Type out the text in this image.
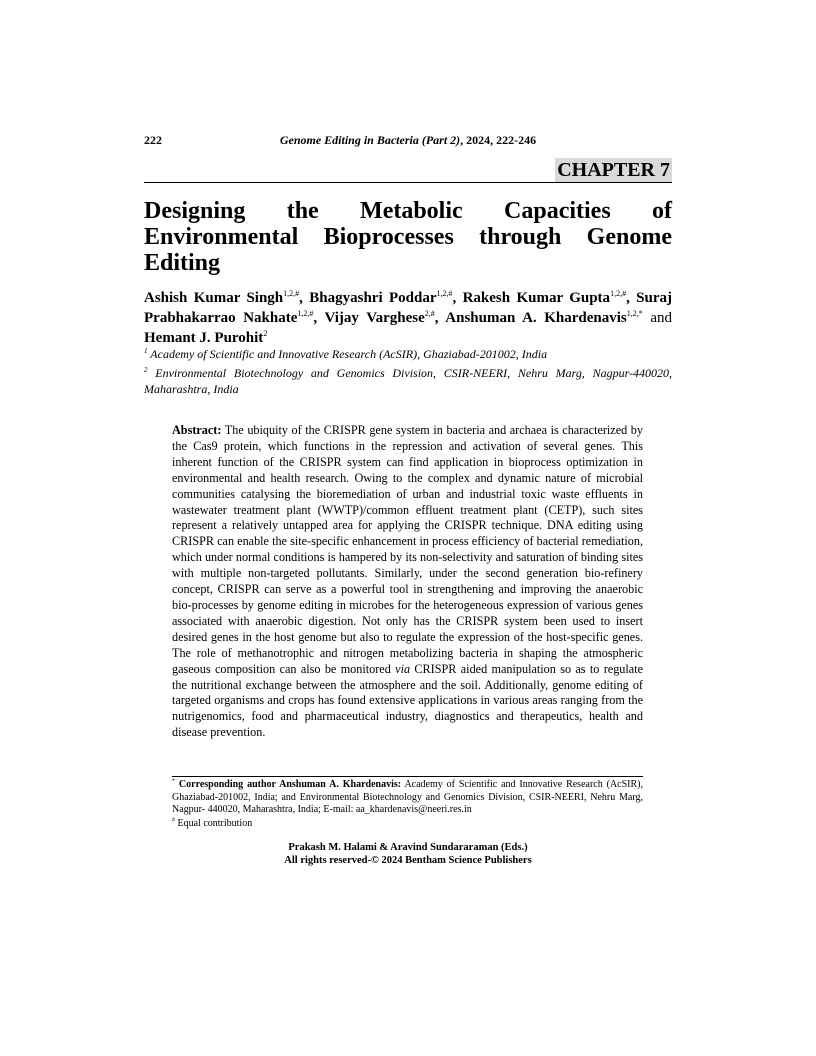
222	Genome Editing in Bacteria (Part 2), 2024, 222-246
CHAPTER 7
Designing the Metabolic Capacities of Environmental Bioprocesses through Genome Editing

Ashish Kumar Singh$^{1,2,\#}$, Bhagyashri Poddar$^{1,2,\#}$, Rakesh Kumar Gupta$^{1,2,\#}$, Suraj Prabhakarrao Nakhate$^{1,2,\#}$, Vijay Varghese$^{2,\#}$, Anshuman A. Khardenavis$^{1,2,*}$ and Hemant J. Purohit$^2$

$^1$ Academy of Scientific and Innovative Research (AcSIR), Ghaziabad-201002, India

$^2$ Environmental Biotechnology and Genomics Division, CSIR-NEERI, Nehru Marg, Nagpur-440020, Maharashtra, India

Abstract: The ubiquity of the CRISPR gene system in bacteria and archaea is characterized by the Cas9 protein, which functions in the repression and activation of several genes. This inherent function of the CRISPR system can find application in bioprocess optimization in environmental and health research. Owing to the complex and dynamic nature of microbial communities catalysing the bioremediation of urban and industrial toxic waste effluents in wastewater treatment plant (WWTP)/common effluent treatment plant (CETP), such sites represent a relatively untapped area for applying the CRISPR technique. DNA editing using CRISPR can enable the site-specific enhancement in process efficiency of bacterial remediation, which under normal conditions is hampered by its non-selectivity and saturation of binding sites with multiple non-targeted pollutants. Similarly, under the second generation bio-refinery concept, CRISPR can serve as a powerful tool in strengthening and improving the anaerobic bio-processes by genome editing in microbes for the heterogeneous expression of various genes associated with anaerobic digestion. Not only has the CRISPR system been used to insert desired genes in the host genome but also to regulate the expression of the host-specific genes. The role of methanotrophic and nitrogen metabolizing bacteria in shaping the atmospheric gaseous composition can also be monitored via CRISPR aided manipulation so as to regulate the nutritional exchange between the atmosphere and the soil. Additionally, genome editing of targeted organisms and crops has found extensive applications in various areas ranging from the nutrigenomics, food and pharmaceutical industry, diagnostics and therapeutics, health and disease prevention.

* Corresponding author Anshuman A. Khardenavis: Academy of Scientific and Innovative Research (AcSIR), Ghaziabad-201002, India; and Environmental Biotechnology and Genomics Division, CSIR-NEERI, Nehru Marg, Nagpur- 440020, Maharashtra, India; E-mail: aa_khardenavis@neeri.res.in

# Equal contribution

Prakash M. Halami & Aravind Sundararaman (Eds.)
All rights reserved-© 2024 Bentham Science Publishers
